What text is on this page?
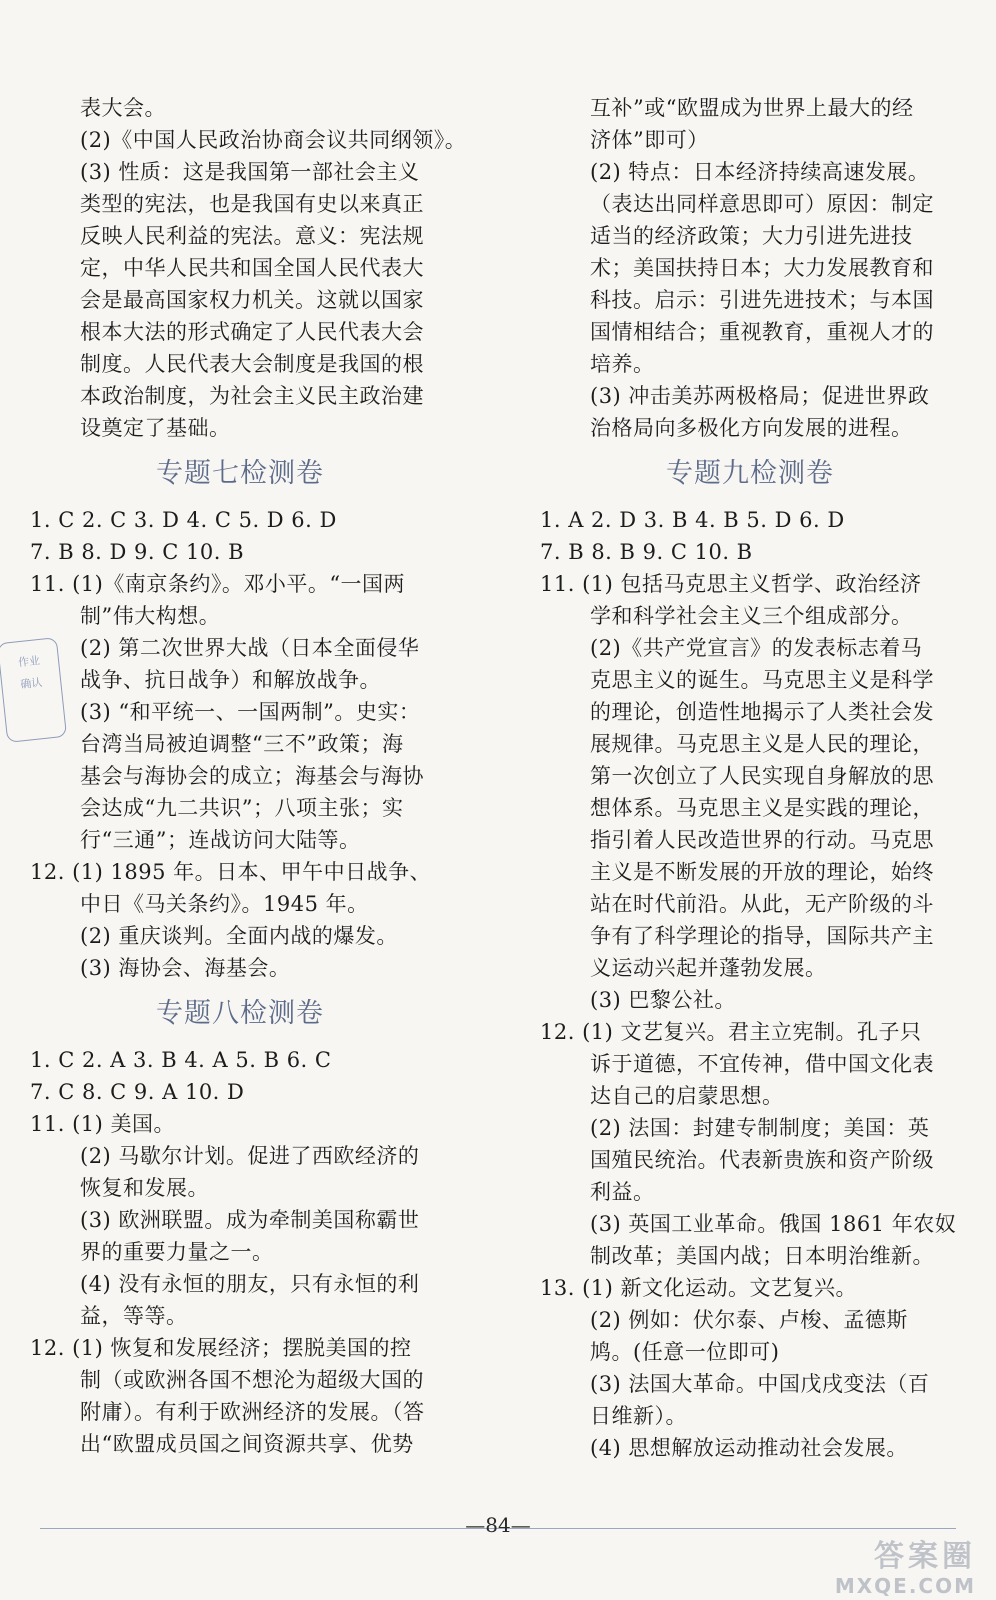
表大会。
(2)《中国人民政治协商会议共同纲领》。
(3) 性质：这是我国第一部社会主义
类型的宪法，也是我国有史以来真正
反映人民利益的宪法。意义：宪法规
定，中华人民共和国全国人民代表大
会是最高国家权力机关。这就以国家
根本大法的形式确定了人民代表大会
制度。人民代表大会制度是我国的根
本政治制度，为社会主义民主政治建
设奠定了基础。
专题七检测卷
1. C 2. C 3. D 4. C 5. D 6. D
7. B 8. D 9. C 10. B
11. (1)《南京条约》。邓小平。“一国两
制”伟大构想。
(2) 第二次世界大战（日本全面侵华
战争、抗日战争）和解放战争。
(3) “和平统一、一国两制”。史实：
台湾当局被迫调整“三不”政策；海
基会与海协会的成立；海基会与海协
会达成“九二共识”；八项主张；实
行“三通”；连战访问大陆等。
12. (1) 1895 年。日本、甲午中日战争、
中日《马关条约》。1945 年。
(2) 重庆谈判。全面内战的爆发。
(3) 海协会、海基会。
专题八检测卷
1. C 2. A 3. B 4. A 5. B 6. C
7. C 8. C 9. A 10. D
11. (1) 美国。
(2) 马歇尔计划。促进了西欧经济的
恢复和发展。
(3) 欧洲联盟。成为牵制美国称霸世
界的重要力量之一。
(4) 没有永恒的朋友，只有永恒的利
益，等等。
12. (1) 恢复和发展经济；摆脱美国的控
制（或欧洲各国不想沦为超级大国的
附庸）。有利于欧洲经济的发展。（答
出“欧盟成员国之间资源共享、优势
互补”或“欧盟成为世界上最大的经
济体”即可）
(2) 特点：日本经济持续高速发展。
（表达出同样意思即可）原因：制定
适当的经济政策；大力引进先进技
术；美国扶持日本；大力发展教育和
科技。启示：引进先进技术；与本国
国情相结合；重视教育，重视人才的
培养。
(3) 冲击美苏两极格局；促进世界政
治格局向多极化方向发展的进程。
专题九检测卷
1. A 2. D 3. B 4. B 5. D 6. D
7. B 8. B 9. C 10. B
11. (1) 包括马克思主义哲学、政治经济
学和科学社会主义三个组成部分。
(2)《共产党宣言》的发表标志着马
克思主义的诞生。马克思主义是科学
的理论，创造性地揭示了人类社会发
展规律。马克思主义是人民的理论，
第一次创立了人民实现自身解放的思
想体系。马克思主义是实践的理论，
指引着人民改造世界的行动。马克思
主义是不断发展的开放的理论，始终
站在时代前沿。从此，无产阶级的斗
争有了科学理论的指导，国际共产主
义运动兴起并蓬勃发展。
(3) 巴黎公社。
12. (1) 文艺复兴。君主立宪制。孔子只
诉于道德，不宜传神，借中国文化表
达自己的启蒙思想。
(2) 法国：封建专制制度；美国：英
国殖民统治。代表新贵族和资产阶级
利益。
(3) 英国工业革命。俄国 1861 年农奴
制改革；美国内战；日本明治维新。
13. (1) 新文化运动。文艺复兴。
(2) 例如：伏尔泰、卢梭、孟德斯
鸠。(任意一位即可)
(3) 法国大革命。中国戊戌变法（百
日维新）。
(4) 思想解放运动推动社会发展。
作业
确认
—84—
答案圈
MXQE.COM
